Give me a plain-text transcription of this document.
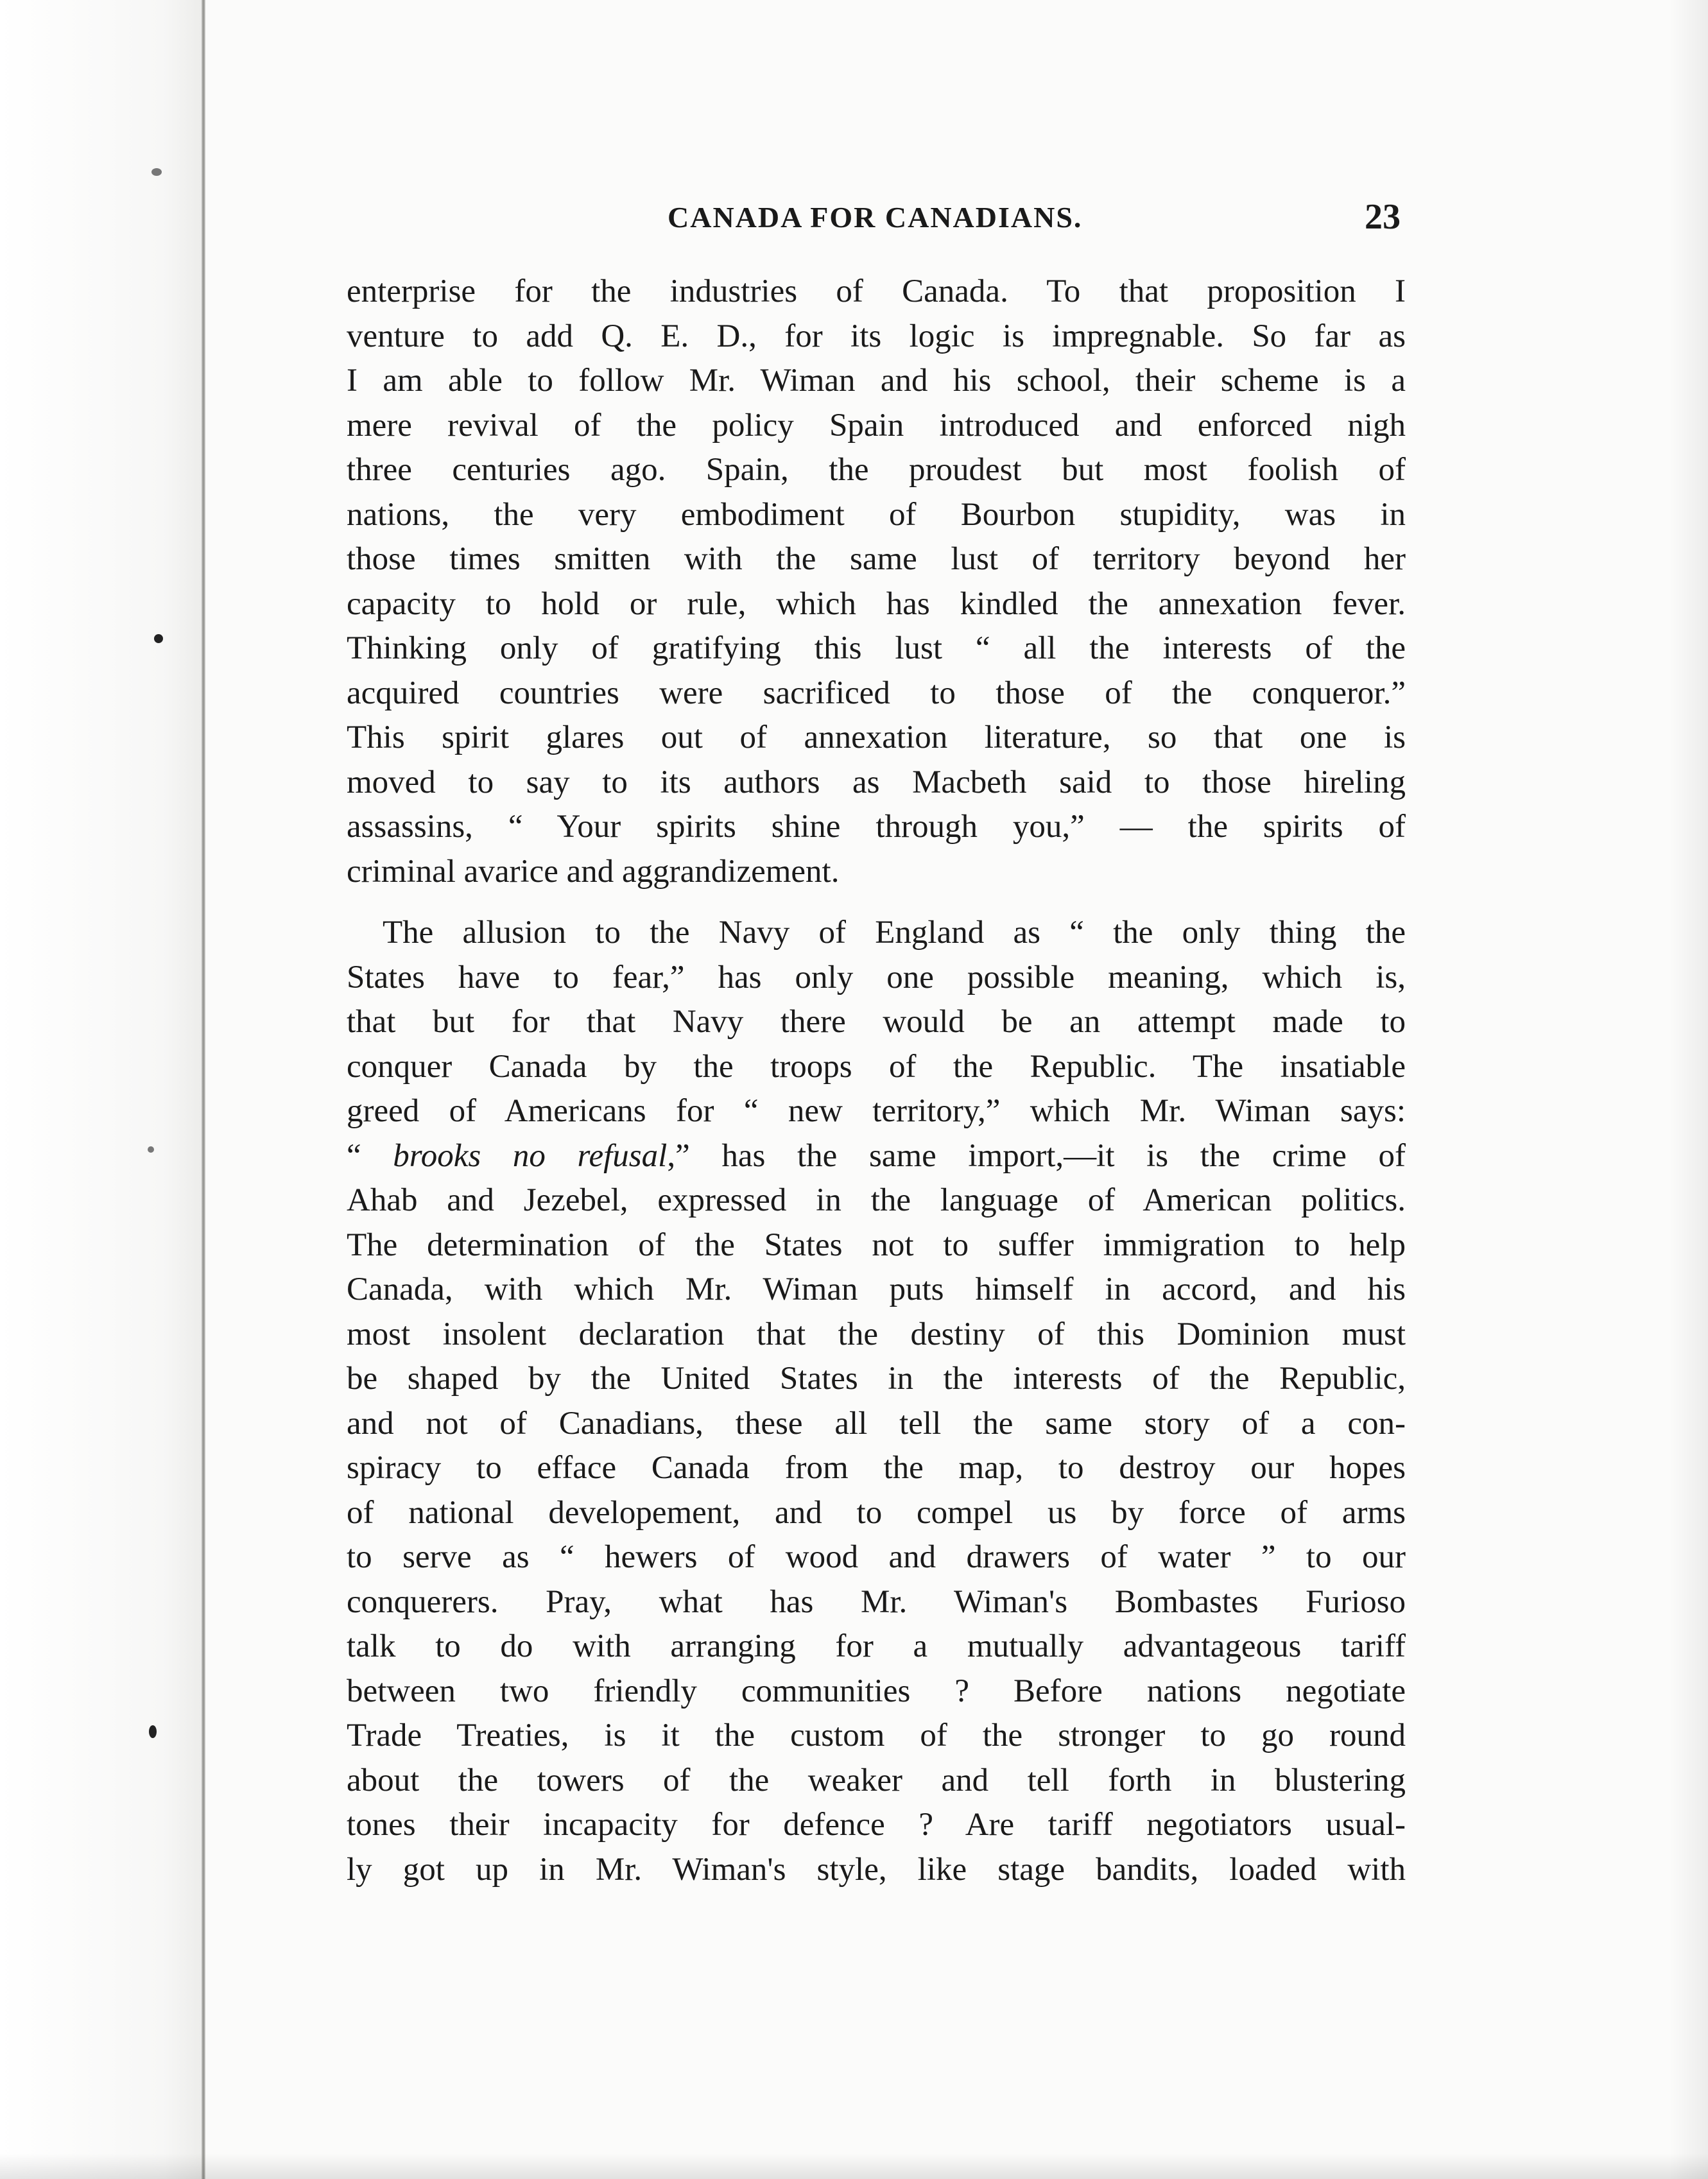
CANADA FOR CANADIANS.	23
enterprise for the industries of Canada. To that proposition I
venture to add Q. E. D., for its logic is impregnable. So far as
I am able to follow Mr. Wiman and his school, their scheme is a
mere revival of the policy Spain introduced and enforced nigh
three centuries ago. Spain, the proudest but most foolish of
nations, the very embodiment of Bourbon stupidity, was in
those times smitten with the same lust of territory beyond her
capacity to hold or rule, which has kindled the annexation fever.
Thinking only of gratifying this lust “ all the interests of the
acquired countries were sacrificed to those of the conqueror.”
This spirit glares out of annexation literature, so that one is
moved to say to its authors as Macbeth said to those hireling
assassins, “ Your spirits shine through you,” — the spirits of
criminal avarice and aggrandizement.
The allusion to the Navy of England as “ the only thing the
States have to fear,” has only one possible meaning, which is,
that but for that Navy there would be an attempt made to
conquer Canada by the troops of the Republic. The insatiable
greed of Americans for “ new territory,” which Mr. Wiman says:
“ brooks no refusal,” has the same import,—it is the crime of
Ahab and Jezebel, expressed in the language of American politics.
The determination of the States not to suffer immigration to help
Canada, with which Mr. Wiman puts himself in accord, and his
most insolent declaration that the destiny of this Dominion must
be shaped by the United States in the interests of the Republic,
and not of Canadians, these all tell the same story of a con-
spiracy to efface Canada from the map, to destroy our hopes
of national developement, and to compel us by force of arms
to serve as “ hewers of wood and drawers of water ” to our
conquerers. Pray, what has Mr. Wiman's Bombastes Furioso
talk to do with arranging for a mutually advantageous tariff
between two friendly communities ? Before nations negotiate
Trade Treaties, is it the custom of the stronger to go round
about the towers of the weaker and tell forth in blustering
tones their incapacity for defence ? Are tariff negotiators usual-
ly got up in Mr. Wiman's style, like stage bandits, loaded with
